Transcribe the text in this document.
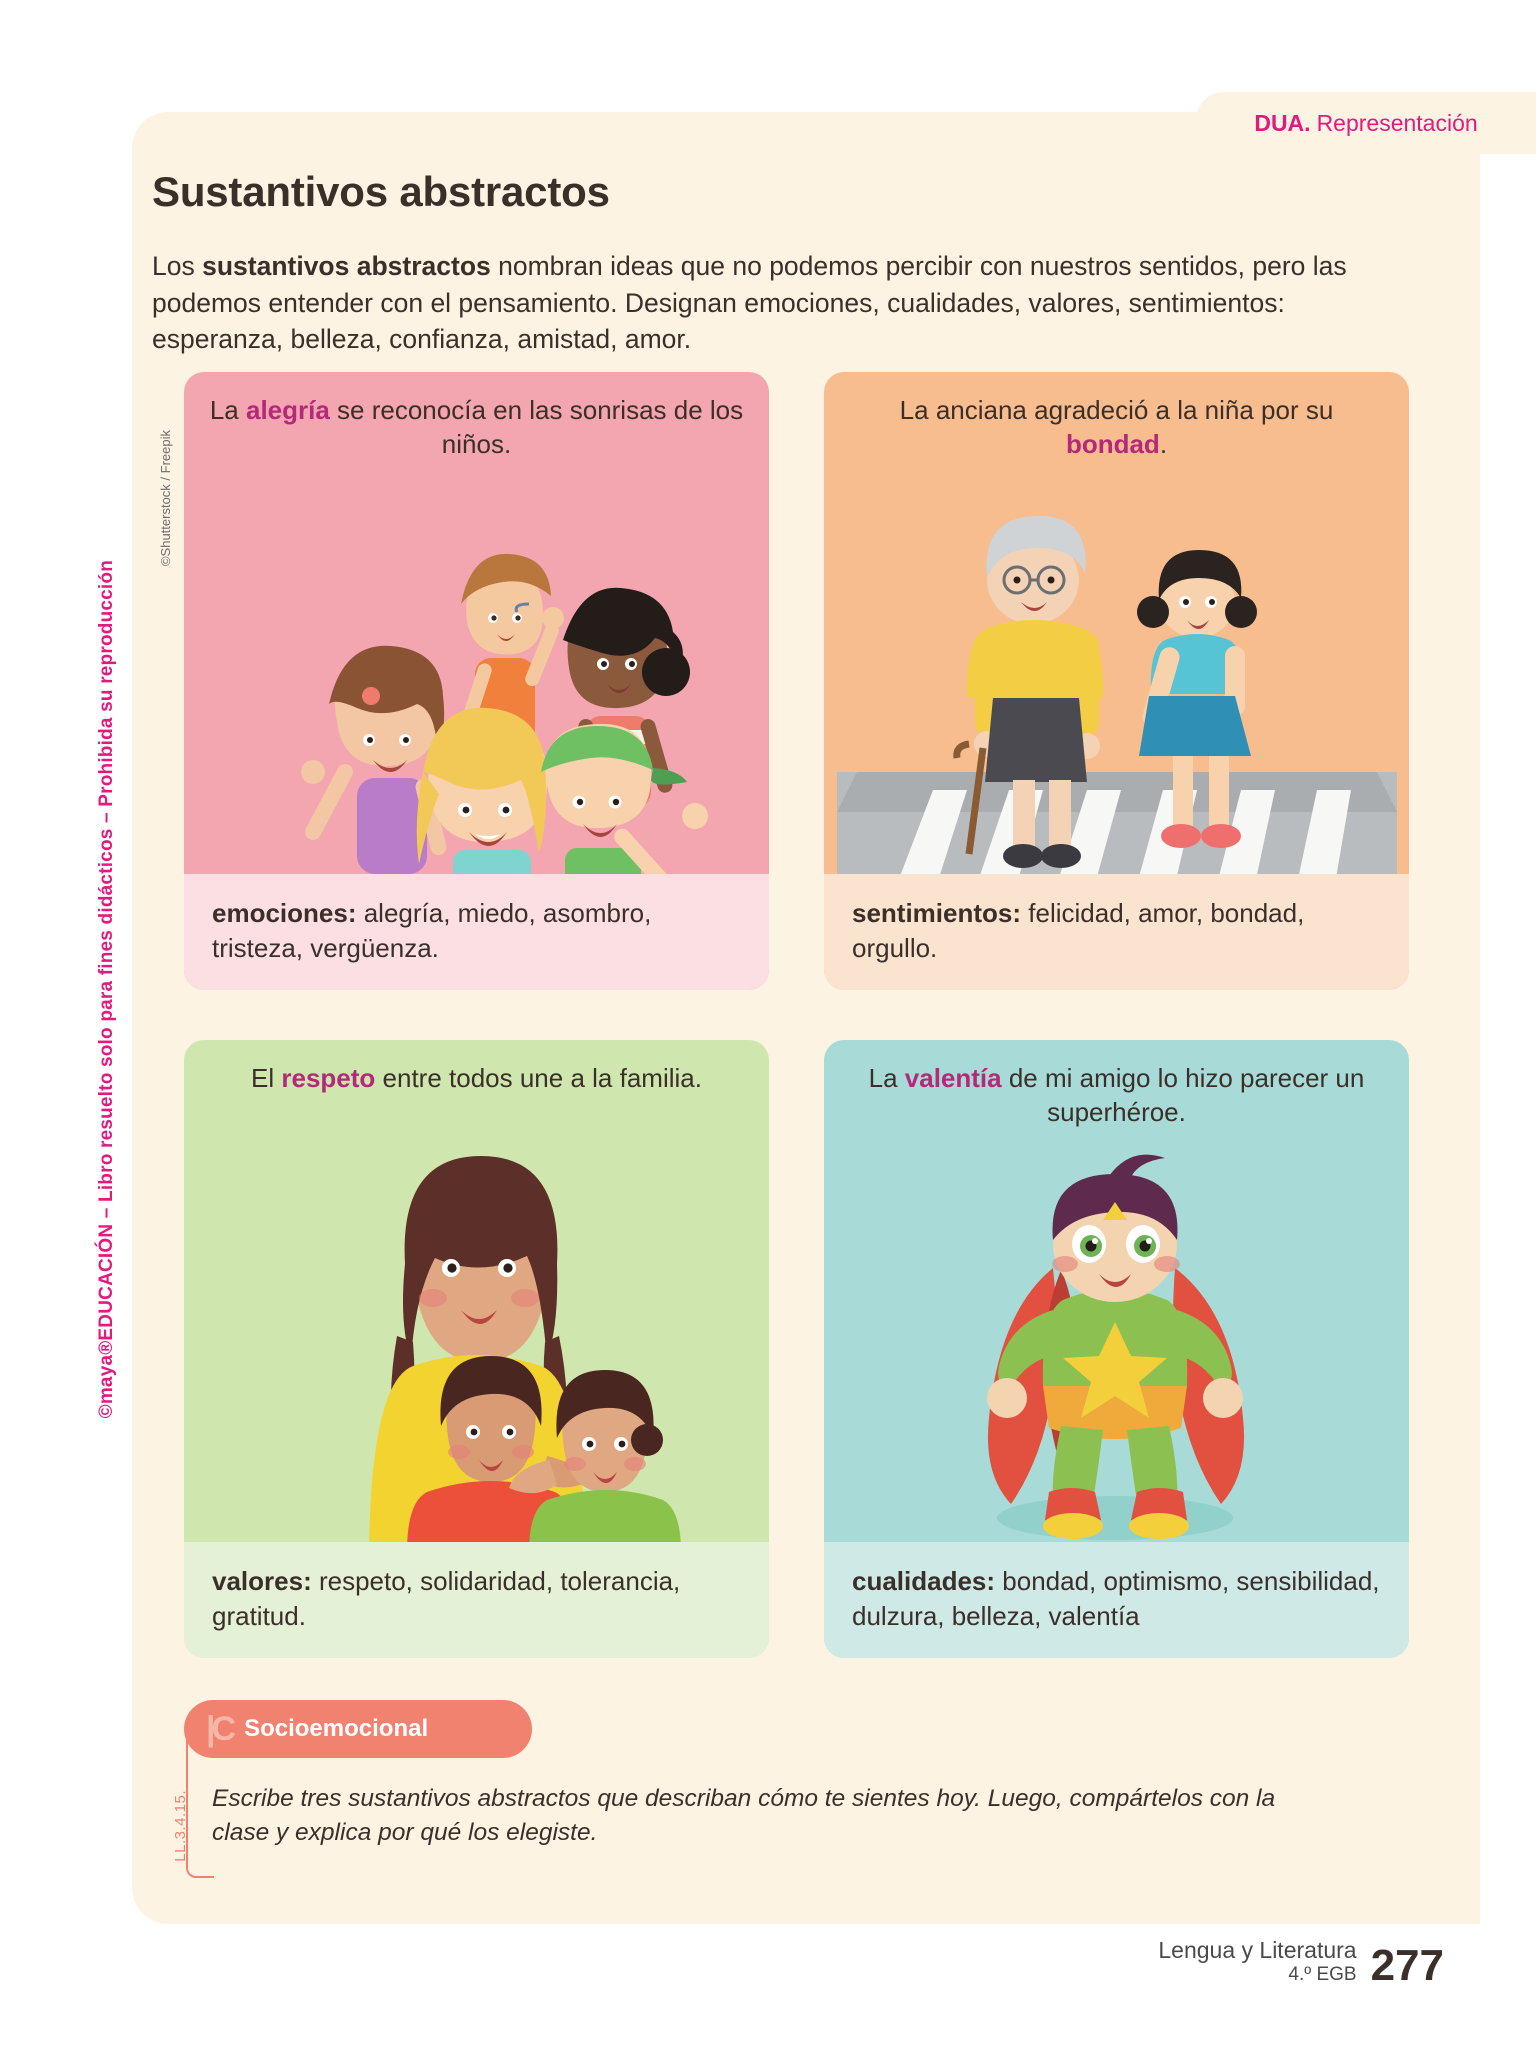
DUA. Representación
©maya®EDUCACIÓN – Libro resuelto solo para fines didácticos – Prohibida su reproducción
©Shutterstock / Freepik
Sustantivos abstractos
Los sustantivos abstractos nombran ideas que no podemos percibir con nuestros sentidos, pero las podemos entender con el pensamiento. Designan emociones, cualidades, valores, sentimientos: esperanza, belleza, confianza, amistad, amor.
La alegría se reconocía en las sonrisas de los niños.
emociones: alegría, miedo, asombro, tristeza, vergüenza.
La anciana agradeció a la niña por su bondad.
sentimientos: felicidad, amor, bondad, orgullo.
El respeto entre todos une a la familia.
valores: respeto, solidaridad, tolerancia, gratitud.
La valentía de mi amigo lo hizo parecer un superhéroe.
cualidades: bondad, optimismo, sensibilidad, dulzura, belleza, valentía
LL.3.4.15.
|C Socioemocional
Escribe tres sustantivos abstractos que describan cómo te sientes hoy. Luego, compártelos con la clase y explica por qué los elegiste.
Lengua y Literatura
4.º EGB 277
